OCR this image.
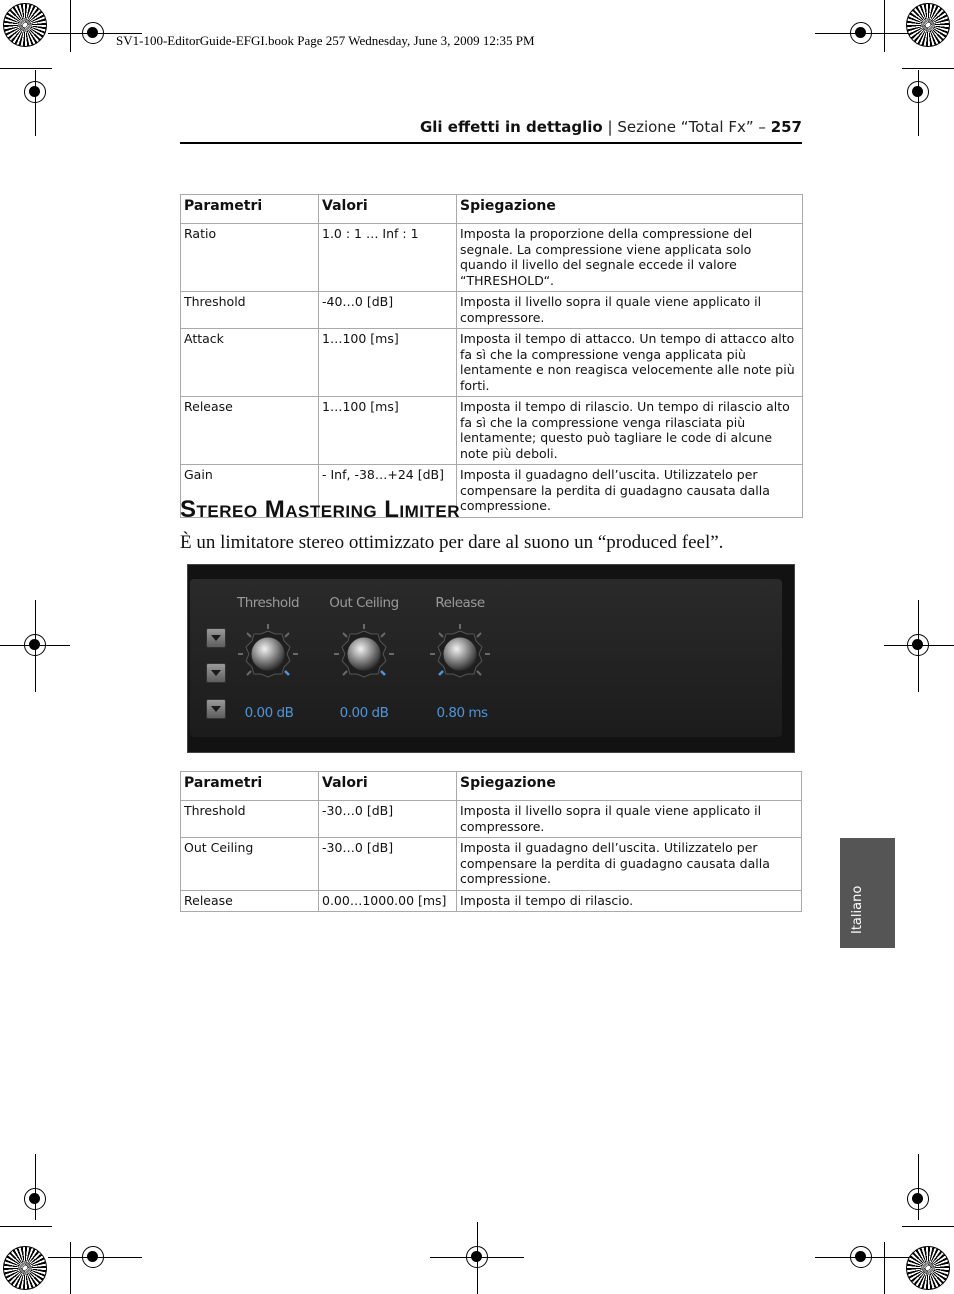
SV1-100-EditorGuide-EFGI.book Page 257 Wednesday, June 3, 2009 12:35 PM
Gli effetti in dettaglio | Sezione “Total Fx” – 257
Parametri	Valori	Spiegazione
Ratio	1.0 : 1 … Inf : 1	Imposta la proporzione della compressione del segnale. La compressione viene applicata solo quando il livello del segnale eccede il valore “THRESHOLD“.
Threshold	-40…0 [dB]	Imposta il livello sopra il quale viene applicato il compressore.
Attack	1…100 [ms]	Imposta il tempo di attacco. Un tempo di attacco alto fa sì che la compressione venga applicata più lentamente e non reagisca velocemente alle note più forti.
Release	1…100 [ms]	Imposta il tempo di rilascio. Un tempo di rilascio alto fa sì che la compressione venga rilasciata più lentamente; questo può tagliare le code di alcune note più deboli.
Gain	- Inf, -38…+24 [dB]	Imposta il guadagno dell’uscita. Utilizzatelo per compensare la perdita di guadagno causata dalla compressione.
Stereo Mastering Limiter
È un limitatore stereo ottimizzato per dare al suono un “produced feel”.
Threshold	Out Ceiling	Release
0.00 dB	0.00 dB	0.80 ms
Parametri	Valori	Spiegazione
Threshold	-30…0 [dB]	Imposta il livello sopra il quale viene applicato il compressore.
Out Ceiling	-30…0 [dB]	Imposta il guadagno dell’uscita. Utilizzatelo per compensare la perdita di guadagno causata dalla compressione.
Release	0.00…1000.00 [ms]	Imposta il tempo di rilascio.	Italiano
